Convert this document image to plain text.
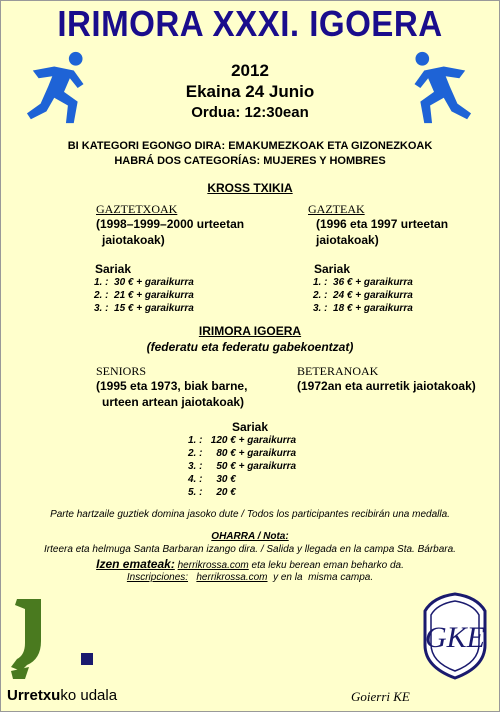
IRIMORA XXXI. IGOERA
2012
Ekaina 24 Junio
Ordua: 12:30ean
BI KATEGORI EGONGO DIRA: EMAKUMEZKOAK ETA GIZONEZKOAK
HABRÁ DOS CATEGORÍAS: MUJERES Y HOMBRES
KROSS TXIKIA
GAZTETXOAK
(1998–1999–2000 urteetan
jaiotakoak)
Sariak
1. :  30 € + garaikurra
2. :  21 € + garaikurra
3. :  15 € + garaikurra
GAZTEAK
(1996 eta 1997 urteetan
jaiotakoak)
Sariak
1. :  36 € + garaikurra
2. :  24 € + garaikurra
3. :  18 € + garaikurra
IRIMORA IGOERA
(federatu eta federatu gabekoentzat)
SENIORS
(1995 eta 1973, biak barne,
urteen artean jaiotakoak)
BETERANOAK
(1972an eta aurretik jaiotakoak)
Sariak
1. :   120 € + garaikurra
2. :     80 € + garaikurra
3. :     50 € + garaikurra
4. :     30 €
5. :     20 €
Parte hartzaile guztiek domina jasoko dute / Todos los participantes recibirán una medalla.
OHARRA / Nota:
Irteera eta helmuga Santa Barbaran izango dira. / Salida y llegada en la campa Sta. Bárbara.
Izen emateak: herrikrossa.com eta leku berean eman beharko da.
Inscripciones: herrikrossa.com  y en la  misma campa.
Urretxuko udala
GKE
Goierri KE
